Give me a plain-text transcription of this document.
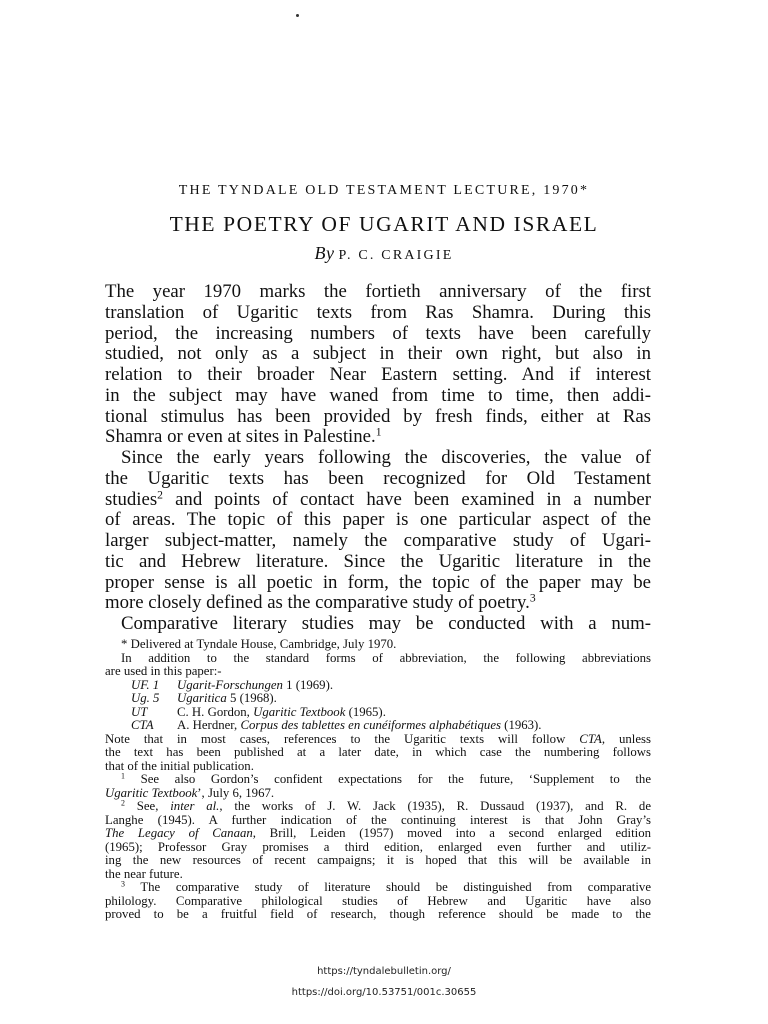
THE TYNDALE OLD TESTAMENT LECTURE, 1970*
THE POETRY OF UGARIT AND ISRAEL
By P. C. CRAIGIE
The year 1970 marks the fortieth anniversary of the first
translation of Ugaritic texts from Ras Shamra. During this
period, the increasing numbers of texts have been carefully
studied, not only as a subject in their own right, but also in
relation to their broader Near Eastern setting. And if interest
in the subject may have waned from time to time, then addi-
tional stimulus has been provided by fresh finds, either at Ras
Shamra or even at sites in Palestine.$^1$
Since the early years following the discoveries, the value of
the Ugaritic texts has been recognized for Old Testament
studies$^2$ and points of contact have been examined in a number
of areas. The topic of this paper is one particular aspect of the
larger subject-matter, namely the comparative study of Ugari-
tic and Hebrew literature. Since the Ugaritic literature in the
proper sense is all poetic in form, the topic of the paper may be
more closely defined as the comparative study of poetry.$^3$
Comparative literary studies may be conducted with a num-
* Delivered at Tyndale House, Cambridge, July 1970.
In addition to the standard forms of abbreviation, the following abbreviations
are used in this paper:-
UF. 1 Ugarit-Forschungen 1 (1969).
Ug. 5 Ugaritica 5 (1968).
UT C. H. Gordon, Ugaritic Textbook (1965).
CTA A. Herdner, Corpus des tablettes en cunéiformes alphabétiques (1963).
Note that in most cases, references to the Ugaritic texts will follow CTA, unless
the text has been published at a later date, in which case the numbering follows
that of the initial publication.
$^1$ See also Gordon’s confident expectations for the future, ‘Supplement to the
Ugaritic Textbook’, July 6, 1967.
$^2$ See, inter al., the works of J. W. Jack (1935), R. Dussaud (1937), and R. de
Langhe (1945). A further indication of the continuing interest is that John Gray’s
The Legacy of Canaan, Brill, Leiden (1957) moved into a second enlarged edition
(1965); Professor Gray promises a third edition, enlarged even further and utiliz-
ing the new resources of recent campaigns; it is hoped that this will be available in
the near future.
$^3$ The comparative study of literature should be distinguished from comparative
philology. Comparative philological studies of Hebrew and Ugaritic have also
proved to be a fruitful field of research, though reference should be made to the
https://tyndalebulletin.org/
https://doi.org/10.53751/001c.30655
